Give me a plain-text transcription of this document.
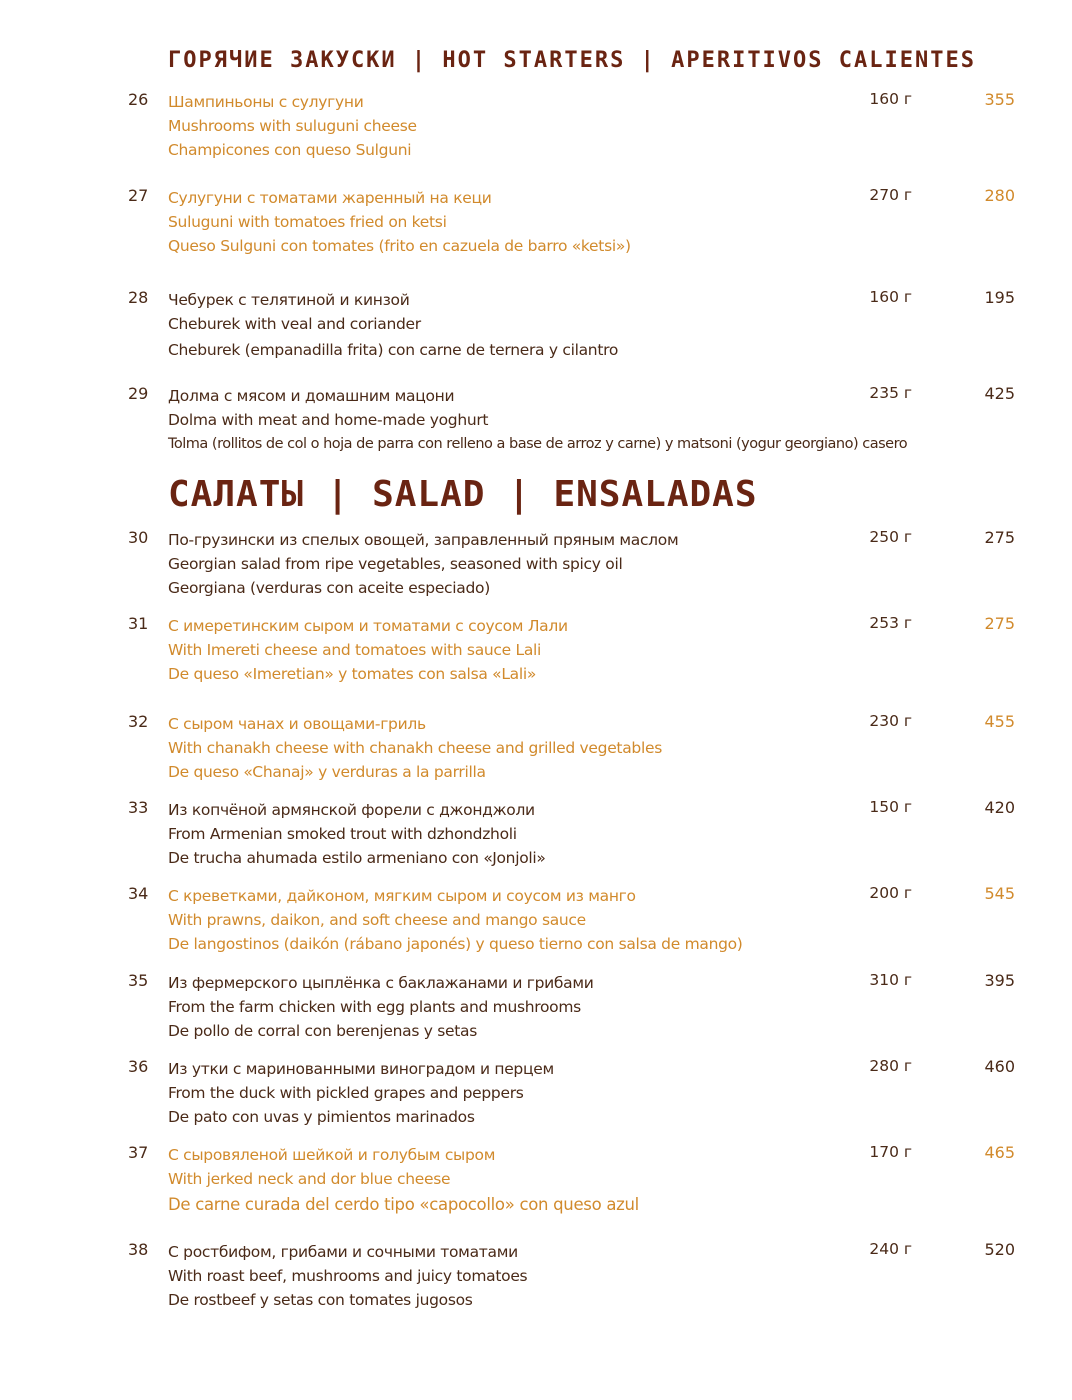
ГОРЯЧИЕ ЗАКУСКИ | HOT STARTERS | APERITIVOS CALIENTES
САЛАТЫ | SALAD | ENSALADAS
26 Шампиньоны с сулугуни
Mushrooms with suluguni cheese
Champicones con queso Sulguni
160 г	355
27 Сулугуни с томатами жаренный на кеци
Suluguni with tomatoes fried on ketsi
Queso Sulguni con tomates (frito en cazuela de barro «ketsi»)
270 г	280
28 Чебурек с телятиной и кинзой
Cheburek with veal and coriander
Cheburek (empanadilla frita) con carne de ternera y cilantro
160 г	195
29 Долма с мясом и домашним мацони
Dolma with meat and home-made yoghurt
Tolma (rollitos de col o hoja de parra con relleno a base de arroz y carne) y matsoni (yogur georgiano) casero
235 г	425
30 По-грузински из спелых овощей, заправленный пряным маслом
Georgian salad from ripe vegetables, seasoned with spicy oil
Georgiana (verduras con aceite especiado)
250 г	275
31 С имеретинским сыром и томатами с соусом Лали
With Imereti cheese and tomatoes with sauce Lali
De queso «Imeretian» y tomates con salsa «Lali»
253 г	275
32 С сыром чанах и овощами-гриль
With chanakh cheese with chanakh cheese and grilled vegetables
De queso «Chanaj» y verduras a la parrilla
230 г	455
33 Из копчёной армянской форели с джонджоли
From Armenian smoked trout with dzhondzholi
De trucha ahumada estilo armeniano con «Jonjoli»
150 г	420
34 С креветками, дайконом, мягким сыром и соусом из манго
With prawns, daikon, and soft cheese and mango sauce
De langostinos (daikón (rábano japonés) y queso tierno con salsa de mango)
200 г	545
35 Из фермерского цыплёнка с баклажанами и грибами
From the farm chicken with egg plants and mushrooms
De pollo de corral con berenjenas y setas
310 г	395
36 Из утки с маринованными виноградом и перцем
From the duck with pickled grapes and peppers
De pato con uvas y pimientos marinados
280 г	460
37 С сыровяленой шейкой и голубым сыром
With jerked neck and dor blue cheese
De carne curada del cerdo tipo «capocollo» con queso azul
170 г	465
38 С ростбифом, грибами и сочными томатами
With roast beef, mushrooms and juicy tomatoes
De rostbeef y setas con tomates jugosos
240 г	520
